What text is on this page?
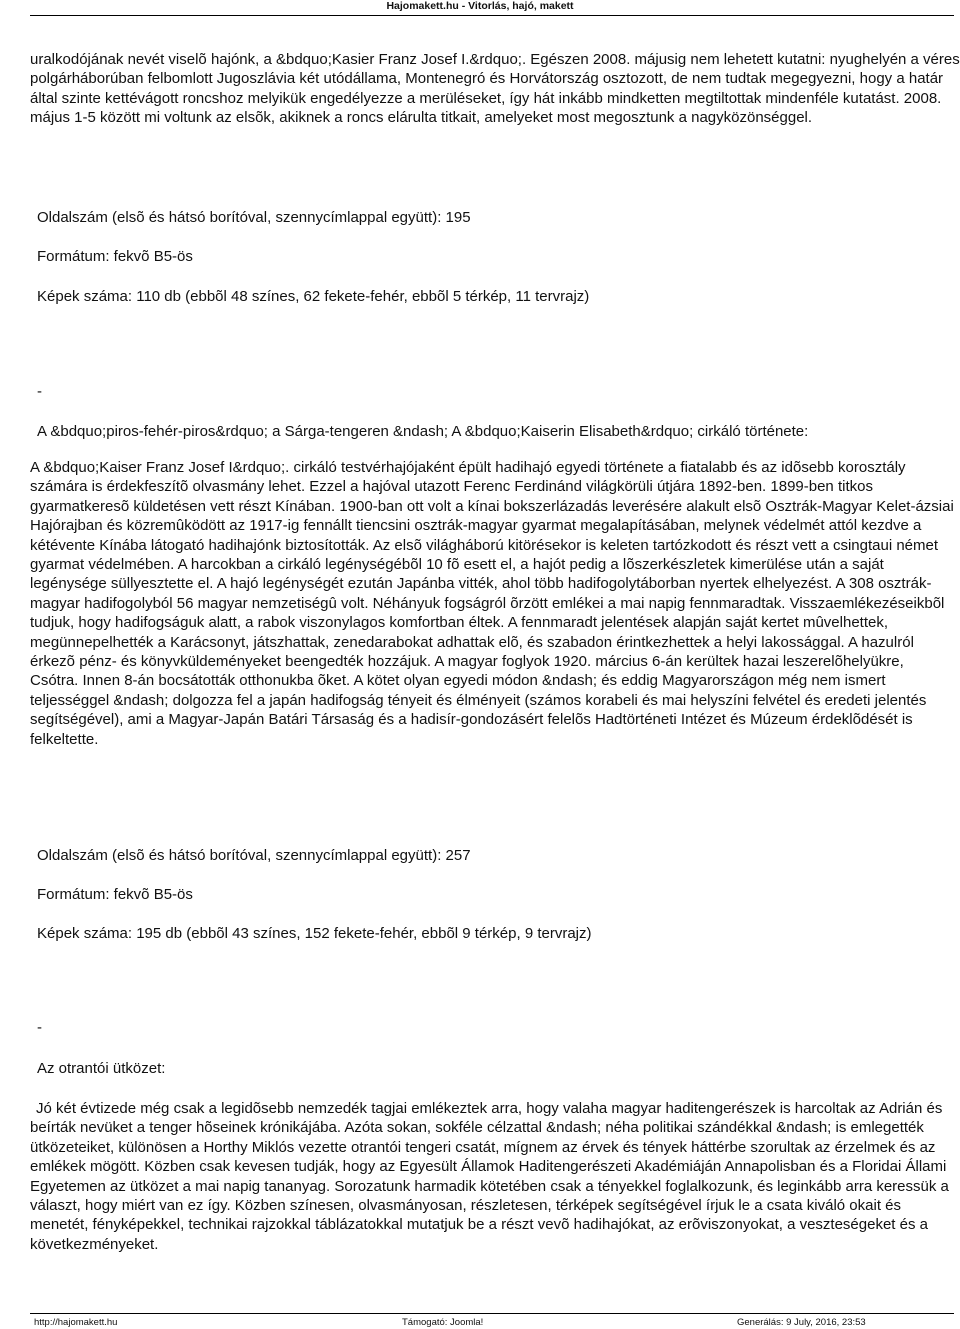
Hajomakett.hu - Vitorlás, hajó, makett

uralkodójának nevét viselõ hajónk, a &bdquo;Kasier Franz Josef I.&rdquo;. Egészen 2008. májusig nem lehetett kutatni: nyughelyén a véres polgárháborúban felbomlott Jugoszlávia két utódállama, Montenegró és Horvátország osztozott, de nem tudtak megegyezni, hogy a határ által szinte kettévágott roncshoz melyikük engedélyezze a merüléseket, így hát inkább mindketten megtiltottak mindenféle kutatást. 2008. május 1-5 között mi voltunk az elsõk, akiknek a roncs elárulta titkait, amelyeket most megosztunk a nagyközönséggel.

Oldalszám (elsõ és hátsó borítóval, szennycímlappal együtt): 195

Formátum: fekvõ B5-ös

Képek száma: 110 db (ebbõl 48 színes, 62 fekete-fehér, ebbõl 5 térkép, 11 tervrajz)

-
A &bdquo;piros-fehér-piros&rdquo; a Sárga-tengeren &ndash; A &bdquo;Kaiserin Elisabeth&rdquo; cirkáló története:

A &bdquo;Kaiser Franz Josef I&rdquo;. cirkáló testvérhajójaként épült hadihajó egyedi története a fiatalabb és az idõsebb korosztály számára is érdekfeszítõ olvasmány lehet. Ezzel a hajóval utazott Ferenc Ferdinánd világkörüli útjára 1892-ben. 1899-ben titkos gyarmatkeresõ küldetésen vett részt Kínában. 1900-ban ott volt a kínai bokszerlázadás leverésére alakult elsõ Osztrák-Magyar Kelet-ázsiai Hajórajban és közremûködött az 1917-ig fennállt tiencsini osztrák-magyar gyarmat megalapításában, melynek védelmét attól kezdve a kétévente Kínába látogató hadihajónk biztosították. Az elsõ világháború kitörésekor is keleten tartózkodott és részt vett a csingtaui német gyarmat védelmében. A harcokban a cirkáló legénységébõl 10 fõ esett el, a hajót pedig a lõszerkészletek kimerülése után a saját legénysége süllyesztette el. A hajó legénységét ezután Japánba vitték, ahol több hadifogolytáborban nyertek elhelyezést. A 308 osztrák-magyar hadifogolyból 56 magyar nemzetiségû volt. Néhányuk fogságról õrzött emlékei a mai napig fennmaradtak. Visszaemlékezéseikbõl tudjuk, hogy hadifogságuk alatt, a rabok viszonylagos komfortban éltek. A fennmaradt jelentések alapján saját kertet mûvelhettek, megünnepelhették a Karácsonyt, játszhattak, zenedarabokat adhattak elõ, és szabadon érintkezhettek a helyi lakossággal. A hazulról érkezõ pénz- és könyvküldeményeket beengedték hozzájuk. A magyar foglyok 1920. március 6-án kerültek hazai leszerelõhelyükre, Csótra. Innen 8-án bocsátották otthonukba õket. A kötet olyan egyedi módon &ndash; és eddig Magyarországon még nem ismert teljességgel &ndash; dolgozza fel a japán hadifogság tényeit és élményeit (számos korabeli és mai helyszíni felvétel és eredeti jelentés segítségével), ami a Magyar-Japán Batári Társaság és a hadisír-gondozásért felelõs Hadtörténeti Intézet és Múzeum érdeklõdését is felkeltette.

Oldalszám (elsõ és hátsó borítóval, szennycímlappal együtt): 257

Formátum: fekvõ B5-ös

Képek száma: 195 db (ebbõl 43 színes, 152 fekete-fehér, ebbõl 9 térkép, 9 tervrajz)

-
Az otrantói ütközet:

Jó két évtizede még csak a legidõsebb nemzedék tagjai emlékeztek arra, hogy valaha magyar haditengerészek is harcoltak az Adrián és beírták nevüket a tenger hõseinek krónikájába. Azóta sokan, sokféle célzattal &ndash; néha politikai szándékkal &ndash; is emlegették ütközeteiket, különösen a Horthy Miklós vezette otrantói tengeri csatát, mígnem az érvek és tények háttérbe szorultak az érzelmek és az emlékek mögött. Közben csak kevesen tudják, hogy az Egyesült Államok Haditengerészeti Akadémiáján Annapolisban és a Floridai Állami Egyetemen az ütközet a mai napig tananyag. Sorozatunk harmadik kötetében csak a tényekkel foglalkozunk, és leginkább arra keressük a választ, hogy miért van ez így. Közben színesen, olvasmányosan, részletesen, térképek segítségével írjuk le a csata kiváló okait és menetét, fényképekkel, technikai rajzokkal táblázatokkal mutatjuk be a részt vevõ hadihajókat, az erõviszonyokat, a veszteségeket és a következményeket.

http://hajomakett.hu	Támogató: Joomla!	Generálás: 9 July, 2016, 23:53
